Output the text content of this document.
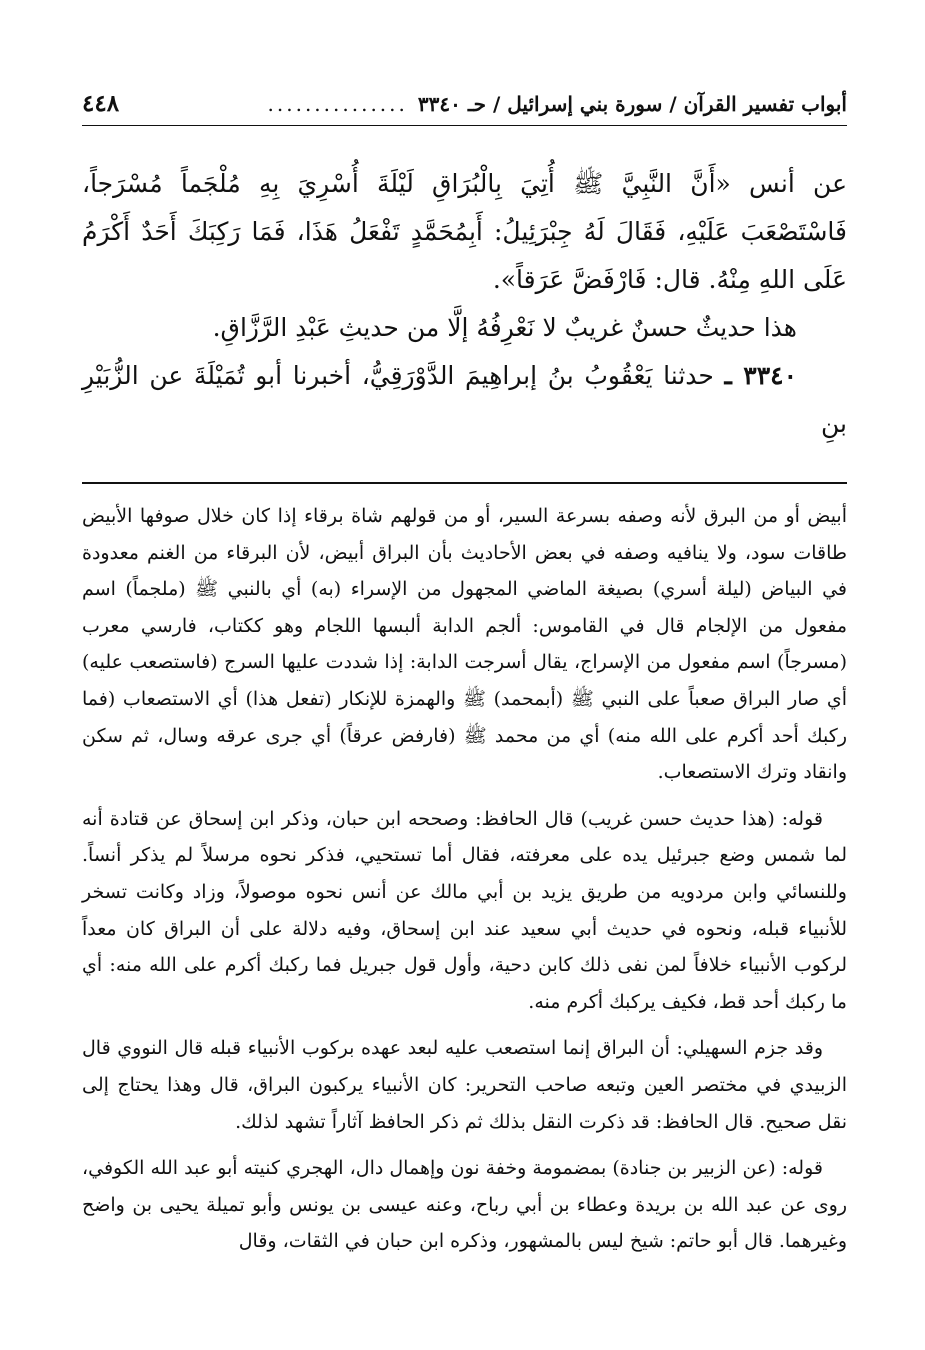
أبواب تفسير القرآن / سورة بني إسرائيل / حـ ٣٣٤٠
...............
٤٤٨

عن أنس «أَنَّ النَّبِيَّ ﷺ أُتِيَ بِالْبُرَاقِ لَيْلَةَ أُسْرِيَ بِهِ مُلْجَماً مُسْرَجاً، فَاسْتَصْعَبَ عَلَيْهِ، فَقَالَ لَهُ جِبْرَئِيلُ: أَبِمُحَمَّدٍ تَفْعَلُ هَذَا، فَمَا رَكِبَكَ أَحَدٌ أَكْرَمُ عَلَى اللهِ مِنْهُ. قال: فَارْفَضَّ عَرَقاً».

هذا حديثٌ حسنٌ غريبٌ لا نَعْرِفُهُ إلَّا من حديثِ عَبْدِ الرَّزَّاقِ.

٣٣٤٠ ـ حدثنا يَعْقُوبُ بنُ إبراهِيمَ الدَّوْرَقِيُّ، أخبرنا أبو تُمَيْلَةَ عن الزُّبَيْرِ بنِ

أبيض أو من البرق لأنه وصفه بسرعة السير، أو من قولهم شاة برقاء إذا كان خلال صوفها الأبيض طاقات سود، ولا ينافيه وصفه في بعض الأحاديث بأن البراق أبيض، لأن البرقاء من الغنم معدودة في البياض (ليلة أسري) بصيغة الماضي المجهول من الإسراء (به) أي بالنبي ﷺ (ملجماً) اسم مفعول من الإلجام قال في القاموس: ألجم الدابة ألبسها اللجام وهو ككتاب، فارسي معرب (مسرجاً) اسم مفعول من الإسراج، يقال أسرجت الدابة: إذا شددت عليها السرج (فاستصعب عليه) أي صار البراق صعباً على النبي ﷺ (أبمحمد) ﷺ والهمزة للإنكار (تفعل هذا) أي الاستصعاب (فما ركبك أحد أكرم على الله منه) أي من محمد ﷺ (فارفض عرقاً) أي جرى عرقه وسال، ثم سكن وانقاد وترك الاستصعاب.

قوله: (هذا حديث حسن غريب) قال الحافظ: وصححه ابن حبان، وذكر ابن إسحاق عن قتادة أنه لما شمس وضع جبرئيل يده على معرفته، فقال أما تستحيي، فذكر نحوه مرسلاً لم يذكر أنساً. وللنسائي وابن مردويه من طريق يزيد بن أبي مالك عن أنس نحوه موصولاً، وزاد وكانت تسخر للأنبياء قبله، ونحوه في حديث أبي سعيد عند ابن إسحاق، وفيه دلالة على أن البراق كان معداً لركوب الأنبياء خلافاً لمن نفى ذلك كابن دحية، وأول قول جبريل فما ركبك أكرم على الله منه: أي ما ركبك أحد قط، فكيف يركبك أكرم منه.

وقد جزم السهيلي: أن البراق إنما استصعب عليه لبعد عهده بركوب الأنبياء قبله قال النووي قال الزبيدي في مختصر العين وتبعه صاحب التحرير: كان الأنبياء يركبون البراق، قال وهذا يحتاج إلى نقل صحيح. قال الحافظ: قد ذكرت النقل بذلك ثم ذكر الحافظ آثاراً تشهد لذلك.

قوله: (عن الزبير بن جنادة) بمضمومة وخفة نون وإهمال دال، الهجري كنيته أبو عبد الله الكوفي، روى عن عبد الله بن بريدة وعطاء بن أبي رباح، وعنه عيسى بن يونس وأبو تميلة يحيى بن واضح وغيرهما. قال أبو حاتم: شيخ ليس بالمشهور، وذكره ابن حبان في الثقات، وقال
